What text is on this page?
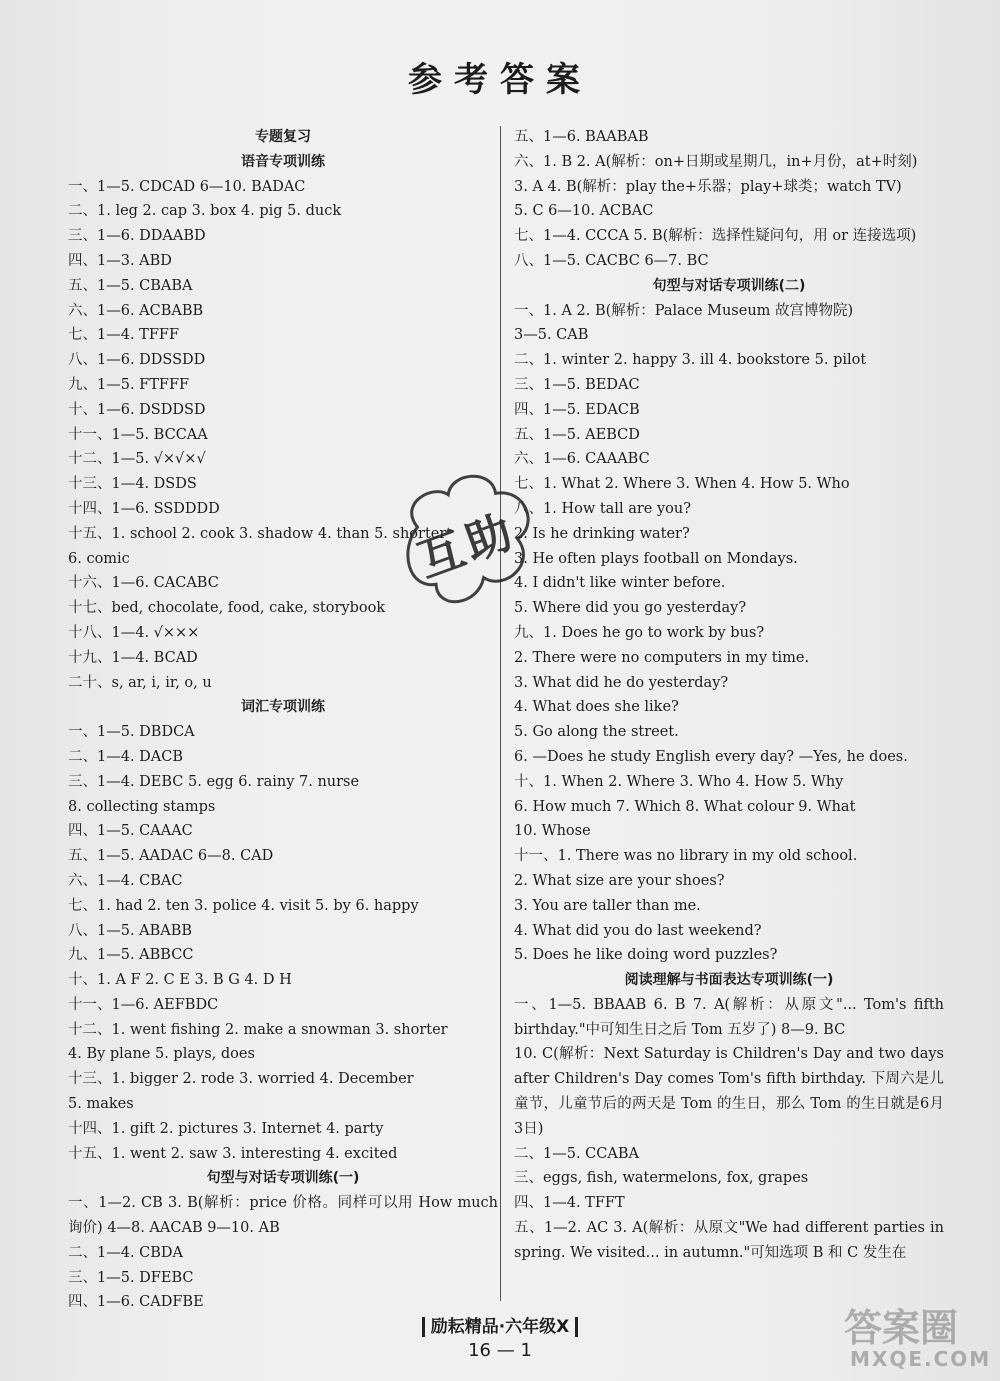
参考答案
专题复习
语音专项训练
一、1—5. CDCAD 6—10. BADAC
二、1. leg 2. cap 3. box 4. pig 5. duck
三、1—6. DDAABD
四、1—3. ABD
五、1—5. CBABA
六、1—6. ACBABB
七、1—4. TFFF
八、1—6. DDSSDD
九、1—5. FTFFF
十、1—6. DSDDSD
十一、1—5. BCCAA
十二、1—5. √×√×√
十三、1—4. DSDS
十四、1—6. SSDDDD
十五、1. school 2. cook 3. shadow 4. than 5. shorter
6. comic
十六、1—6. CACABC
十七、bed, chocolate, food, cake, storybook
十八、1—4. √×××
十九、1—4. BCAD
二十、s, ar, i, ir, o, u
词汇专项训练
一、1—5. DBDCA
二、1—4. DACB
三、1—4. DEBC 5. egg 6. rainy 7. nurse
8. collecting stamps
四、1—5. CAAAC
五、1—5. AADAC 6—8. CAD
六、1—4. CBAC
七、1. had 2. ten 3. police 4. visit 5. by 6. happy
八、1—5. ABABB
九、1—5. ABBCC
十、1. A F 2. C E 3. B G 4. D H
十一、1—6. AEFBDC
十二、1. went fishing 2. make a snowman 3. shorter
4. By plane 5. plays, does
十三、1. bigger 2. rode 3. worried 4. December
5. makes
十四、1. gift 2. pictures 3. Internet 4. party
十五、1. went 2. saw 3. interesting 4. excited
句型与对话专项训练(一)
一、1—2. CB 3. B(解析：price 价格。同样可以用 How much 询价) 4—8. AACAB 9—10. AB
二、1—4. CBDA
三、1—5. DFEBC
四、1—6. CADFBE
五、1—6. BAABAB
六、1. B 2. A(解析：on+日期或星期几，in+月份，at+时刻)
3. A 4. B(解析：play the+乐器；play+球类；watch TV)
5. C 6—10. ACBAC
七、1—4. CCCA 5. B(解析：选择性疑问句，用 or 连接选项)
八、1—5. CACBC 6—7. BC
句型与对话专项训练(二)
一、1. A 2. B(解析：Palace Museum 故宫博物院)
3—5. CAB
二、1. winter 2. happy 3. ill 4. bookstore 5. pilot
三、1—5. BEDAC
四、1—5. EDACB
五、1—5. AEBCD
六、1—6. CAAABC
七、1. What 2. Where 3. When 4. How 5. Who
八、1. How tall are you?
2. Is he drinking water?
3. He often plays football on Mondays.
4. I didn't like winter before.
5. Where did you go yesterday?
九、1. Does he go to work by bus?
2. There were no computers in my time.
3. What did he do yesterday?
4. What does she like?
5. Go along the street.
6. —Does he study English every day? —Yes, he does.
十、1. When 2. Where 3. Who 4. How 5. Why
6. How much 7. Which 8. What colour 9. What
10. Whose
十一、1. There was no library in my old school.
2. What size are your shoes?
3. You are taller than me.
4. What did you do last weekend?
5. Does he like doing word puzzles?
阅读理解与书面表达专项训练(一)
一、1—5. BBAAB 6. B 7. A(解析：从原文"... Tom's fifth birthday."中可知生日之后 Tom 五岁了) 8—9. BC
10. C(解析：Next Saturday is Children's Day and two days after Children's Day comes Tom's fifth birthday. 下周六是儿童节，儿童节后的两天是 Tom 的生日，那么 Tom 的生日就是6月3日)
二、1—5. CCABA
三、eggs, fish, watermelons, fox, grapes
四、1—4. TFFT
五、1—2. AC 3. A(解析：从原文"We had different parties in spring. We visited... in autumn."可知选项 B 和 C 发生在
互助
励耘精品·六年级X
16 — 1
答案圈
MXQE.COM
